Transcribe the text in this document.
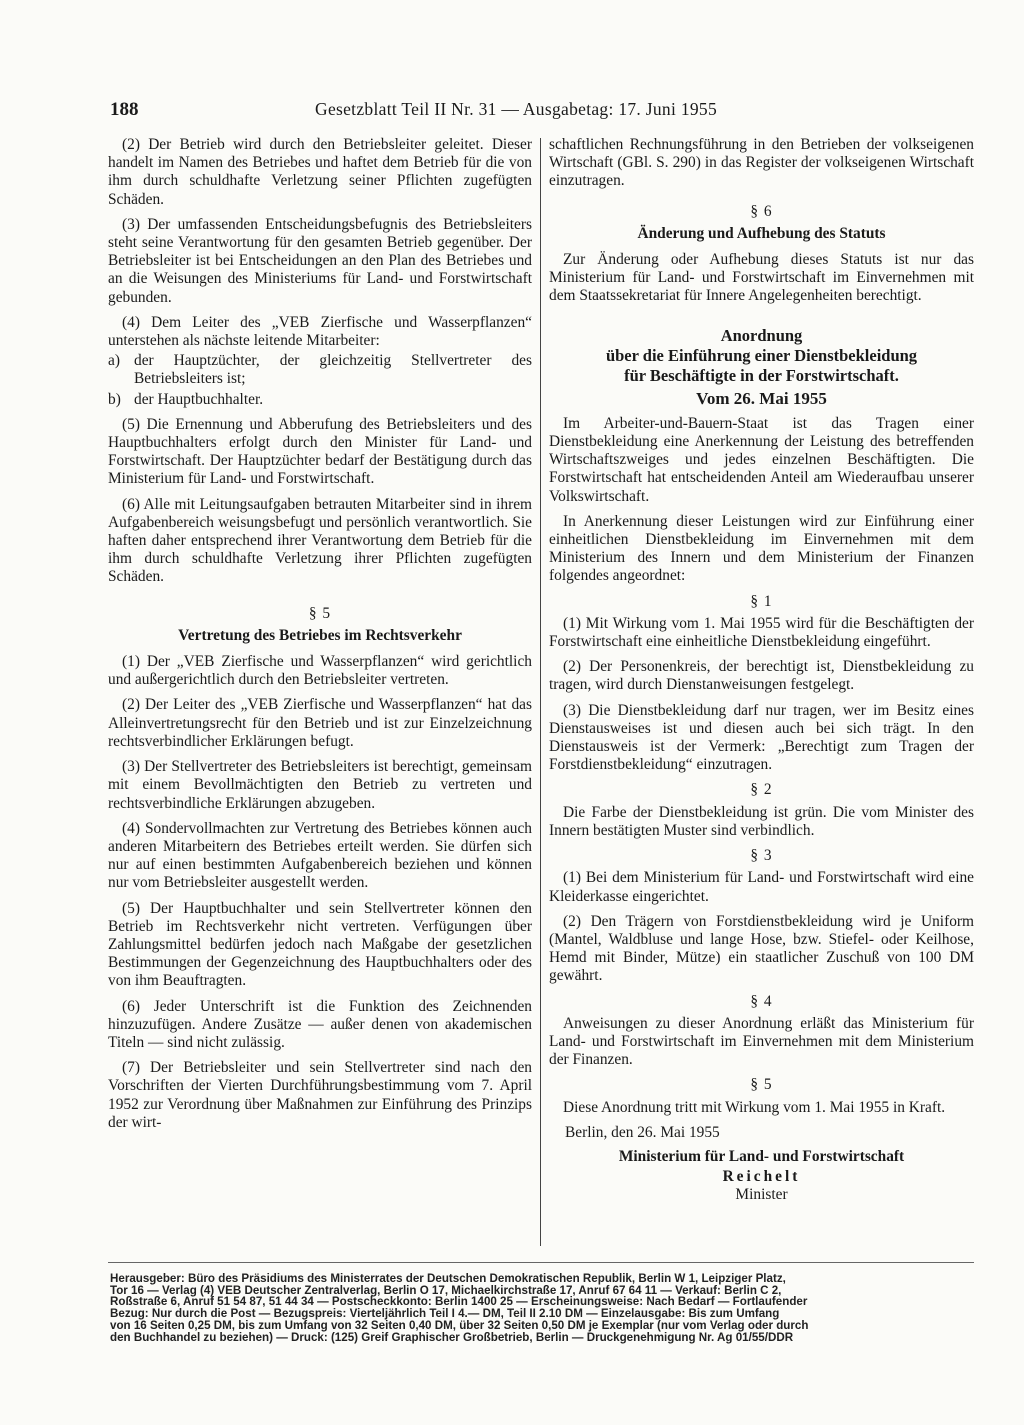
188	Gesetzblatt Teil II Nr. 31 — Ausgabetag: 17. Juni 1955

(2) Der Betrieb wird durch den Betriebsleiter geleitet. Dieser handelt im Namen des Betriebes und haftet dem Betrieb für die von ihm durch schuldhafte Verletzung seiner Pflichten zugefügten Schäden.

(3) Der umfassenden Entscheidungsbefugnis des Betriebsleiters steht seine Verantwortung für den gesamten Betrieb gegenüber. Der Betriebsleiter ist bei Entscheidungen an den Plan des Betriebes und an die Weisungen des Ministeriums für Land- und Forstwirtschaft gebunden.

(4) Dem Leiter des „VEB Zierfische und Wasserpflanzen“ unterstehen als nächste leitende Mitarbeiter:

a) der Hauptzüchter, der gleichzeitig Stellvertreter des Betriebsleiters ist;

b) der Hauptbuchhalter.

(5) Die Ernennung und Abberufung des Betriebsleiters und des Hauptbuchhalters erfolgt durch den Minister für Land- und Forstwirtschaft. Der Hauptzüchter bedarf der Bestätigung durch das Ministerium für Land- und Forstwirtschaft.

(6) Alle mit Leitungsaufgaben betrauten Mitarbeiter sind in ihrem Aufgabenbereich weisungsbefugt und persönlich verantwortlich. Sie haften daher entsprechend ihrer Verantwortung dem Betrieb für die ihm durch schuldhafte Verletzung ihrer Pflichten zugefügten Schäden.

§ 5
Vertretung des Betriebes im Rechtsverkehr

(1) Der „VEB Zierfische und Wasserpflanzen“ wird gerichtlich und außergerichtlich durch den Betriebsleiter vertreten.

(2) Der Leiter des „VEB Zierfische und Wasserpflanzen“ hat das Alleinvertretungsrecht für den Betrieb und ist zur Einzelzeichnung rechtsverbindlicher Erklärungen befugt.

(3) Der Stellvertreter des Betriebsleiters ist berechtigt, gemeinsam mit einem Bevollmächtigten den Betrieb zu vertreten und rechtsverbindliche Erklärungen abzugeben.

(4) Sondervollmachten zur Vertretung des Betriebes können auch anderen Mitarbeitern des Betriebes erteilt werden. Sie dürfen sich nur auf einen bestimmten Aufgabenbereich beziehen und können nur vom Betriebsleiter ausgestellt werden.

(5) Der Hauptbuchhalter und sein Stellvertreter können den Betrieb im Rechtsverkehr nicht vertreten. Verfügungen über Zahlungsmittel bedürfen jedoch nach Maßgabe der gesetzlichen Bestimmungen der Gegenzeichnung des Hauptbuchhalters oder des von ihm Beauftragten.

(6) Jeder Unterschrift ist die Funktion des Zeichnenden hinzuzufügen. Andere Zusätze — außer denen von akademischen Titeln — sind nicht zulässig.

(7) Der Betriebsleiter und sein Stellvertreter sind nach den Vorschriften der Vierten Durchführungsbestimmung vom 7. April 1952 zur Verordnung über Maßnahmen zur Einführung des Prinzips der wirt-

schaftlichen Rechnungsführung in den Betrieben der volkseigenen Wirtschaft (GBl. S. 290) in das Register der volkseigenen Wirtschaft einzutragen.

§ 6
Änderung und Aufhebung des Statuts

Zur Änderung oder Aufhebung dieses Statuts ist nur das Ministerium für Land- und Forstwirtschaft im Einvernehmen mit dem Staatssekretariat für Innere Angelegenheiten berechtigt.

Anordnung
über die Einführung einer Dienstbekleidung
für Beschäftigte in der Forstwirtschaft.
Vom 26. Mai 1955

Im Arbeiter-und-Bauern-Staat ist das Tragen einer Dienstbekleidung eine Anerkennung der Leistung des betreffenden Wirtschaftszweiges und jedes einzelnen Beschäftigten. Die Forstwirtschaft hat entscheidenden Anteil am Wiederaufbau unserer Volkswirtschaft.

In Anerkennung dieser Leistungen wird zur Einführung einer einheitlichen Dienstbekleidung im Einvernehmen mit dem Ministerium des Innern und dem Ministerium der Finanzen folgendes angeordnet:

§ 1

(1) Mit Wirkung vom 1. Mai 1955 wird für die Beschäftigten der Forstwirtschaft eine einheitliche Dienstbekleidung eingeführt.

(2) Der Personenkreis, der berechtigt ist, Dienstbekleidung zu tragen, wird durch Dienstanweisungen festgelegt.

(3) Die Dienstbekleidung darf nur tragen, wer im Besitz eines Dienstausweises ist und diesen auch bei sich trägt. In den Dienstausweis ist der Vermerk: „Berechtigt zum Tragen der Forstdienstbekleidung“ einzutragen.

§ 2

Die Farbe der Dienstbekleidung ist grün. Die vom Minister des Innern bestätigten Muster sind verbindlich.

§ 3

(1) Bei dem Ministerium für Land- und Forstwirtschaft wird eine Kleiderkasse eingerichtet.

(2) Den Trägern von Forstdienstbekleidung wird je Uniform (Mantel, Waldbluse und lange Hose, bzw. Stiefel- oder Keilhose, Hemd mit Binder, Mütze) ein staatlicher Zuschuß von 100 DM gewährt.

§ 4

Anweisungen zu dieser Anordnung erläßt das Ministerium für Land- und Forstwirtschaft im Einvernehmen mit dem Ministerium der Finanzen.

§ 5

Diese Anordnung tritt mit Wirkung vom 1. Mai 1955 in Kraft.

Berlin, den 26. Mai 1955
Ministerium für Land- und Forstwirtschaft
Reichelt
Minister
Herausgeber: Büro des Präsidiums des Ministerrates der Deutschen Demokratischen Republik, Berlin W 1, Leipziger Platz,
Tor 16 — Verlag (4) VEB Deutscher Zentralverlag, Berlin O 17, Michaelkirchstraße 17, Anruf 67 64 11 — Verkauf: Berlin C 2,
Roßstraße 6, Anruf 51 54 87, 51 44 34 — Postscheckkonto: Berlin 1400 25 — Erscheinungsweise: Nach Bedarf — Fortlaufender
Bezug: Nur durch die Post — Bezugspreis: Vierteljährlich Teil I 4.— DM, Teil II 2.10 DM — Einzelausgabe: Bis zum Umfang
von 16 Seiten 0,25 DM, bis zum Umfang von 32 Seiten 0,40 DM, über 32 Seiten 0,50 DM je Exemplar (nur vom Verlag oder durch
den Buchhandel zu beziehen) — Druck: (125) Greif Graphischer Großbetrieb, Berlin — Druckgenehmigung Nr. Ag 01/55/DDR
